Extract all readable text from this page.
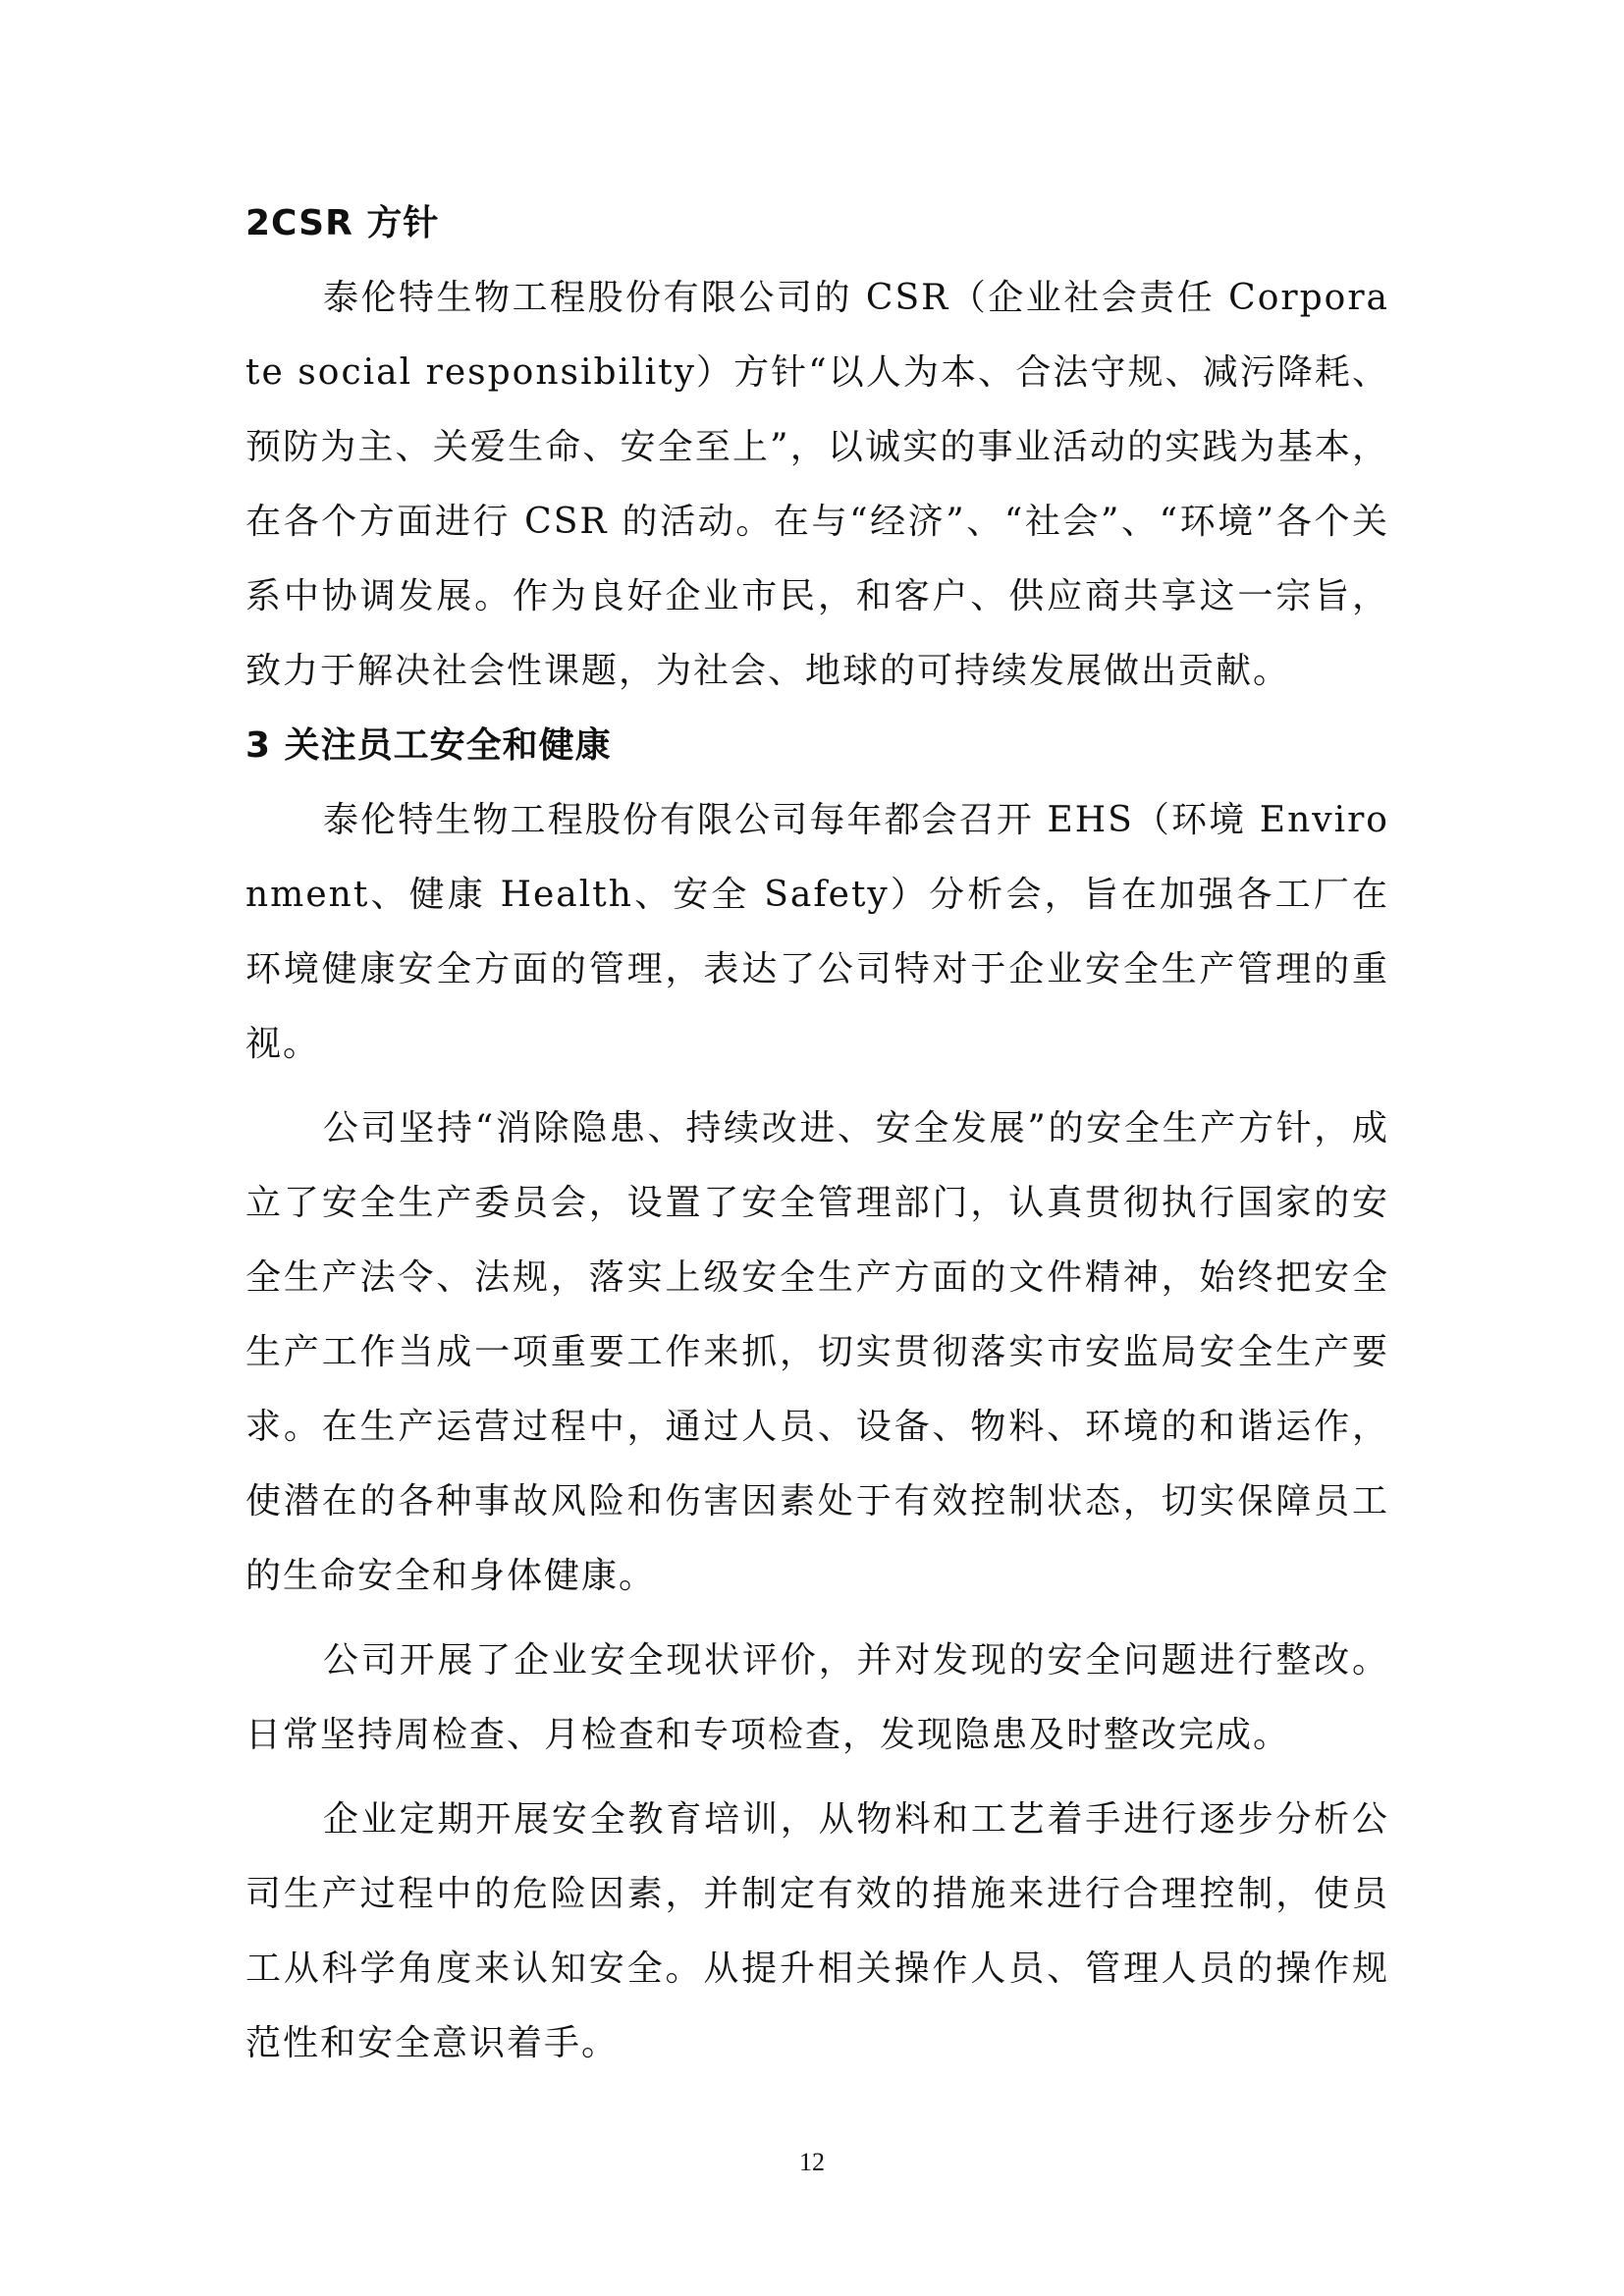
2CSR 方针

泰伦特生物工程股份有限公司的 CSR（企业社会责任 Corporate social responsibility）方针“以人为本、合法守规、减污降耗、预防为主、关爱生命、安全至上”，以诚实的事业活动的实践为基本，在各个方面进行 CSR 的活动。在与“经济”、“社会”、“环境”各个关系中协调发展。作为良好企业市民，和客户、供应商共享这一宗旨，致力于解决社会性课题，为社会、地球的可持续发展做出贡献。

3 关注员工安全和健康

泰伦特生物工程股份有限公司每年都会召开 EHS（环境 Environment、健康 Health、安全 Safety）分析会，旨在加强各工厂在环境健康安全方面的管理，表达了公司特对于企业安全生产管理的重视。

公司坚持“消除隐患、持续改进、安全发展”的安全生产方针，成立了安全生产委员会，设置了安全管理部门，认真贯彻执行国家的安全生产法令、法规，落实上级安全生产方面的文件精神，始终把安全生产工作当成一项重要工作来抓，切实贯彻落实市安监局安全生产要求。在生产运营过程中，通过人员、设备、物料、环境的和谐运作，使潜在的各种事故风险和伤害因素处于有效控制状态，切实保障员工的生命安全和身体健康。

公司开展了企业安全现状评价，并对发现的安全问题进行整改。日常坚持周检查、月检查和专项检查，发现隐患及时整改完成。

企业定期开展安全教育培训，从物料和工艺着手进行逐步分析公司生产过程中的危险因素，并制定有效的措施来进行合理控制，使员工从科学角度来认知安全。从提升相关操作人员、管理人员的操作规范性和安全意识着手。

12
